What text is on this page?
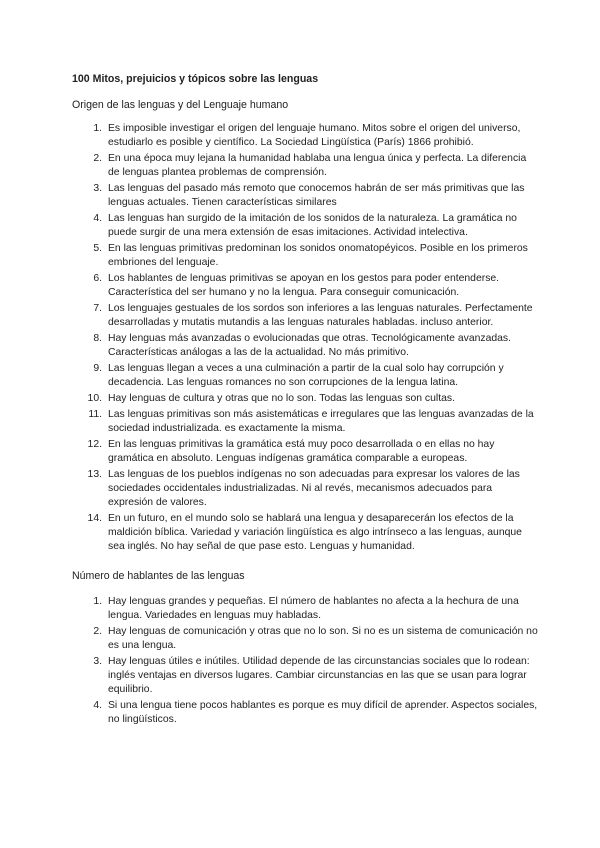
100 Mitos, prejuicios y tópicos sobre las lenguas

Origen de las lenguas y del Lenguaje humano

1. Es imposible investigar el origen del lenguaje humano. Mitos sobre el origen del universo, estudiarlo es posible y científico. La Sociedad Lingüística (París) 1866 prohibió.
2. En una época muy lejana la humanidad hablaba una lengua única y perfecta. La diferencia de lenguas plantea problemas de comprensión.
3. Las lenguas del pasado más remoto que conocemos habrán de ser más primitivas que las lenguas actuales. Tienen características similares
4. Las lenguas han surgido de la imitación de los sonidos de la naturaleza. La gramática no puede surgir de una mera extensión de esas imitaciones. Actividad intelectiva.
5. En las lenguas primitivas predominan los sonidos onomatopéyicos. Posible en los primeros embriones del lenguaje.
6. Los hablantes de lenguas primitivas se apoyan en los gestos para poder entenderse. Característica del ser humano y no la lengua. Para conseguir comunicación.
7. Los lenguajes gestuales de los sordos son inferiores a las lenguas naturales. Perfectamente desarrolladas y mutatis mutandis a las lenguas naturales habladas. incluso anterior.
8. Hay lenguas más avanzadas o evolucionadas que otras. Tecnológicamente avanzadas. Características análogas a las de la actualidad. No más primitivo.
9. Las lenguas llegan a veces a una culminación a partir de la cual solo hay corrupción y decadencia. Las lenguas romances no son corrupciones de la lengua latina.
10. Hay lenguas de cultura y otras que no lo son. Todas las lenguas son cultas.
11. Las lenguas primitivas son más asistemáticas e irregulares que las lenguas avanzadas de la sociedad industrializada. es exactamente la misma.
12. En las lenguas primitivas la gramática está muy poco desarrollada o en ellas no hay gramática en absoluto. Lenguas indígenas gramática comparable a europeas.
13. Las lenguas de los pueblos indígenas no son adecuadas para expresar los valores de las sociedades occidentales industrializadas. Ni al revés, mecanismos adecuados para expresión de valores.
14. En un futuro, en el mundo solo se hablará una lengua y desaparecerán los efectos de la maldición bíblica. Variedad y variación lingüística es algo intrínseco a las lenguas, aunque sea inglés. No hay señal de que pase esto. Lenguas y humanidad.

Número de hablantes de las lenguas

1. Hay lenguas grandes y pequeñas. El número de hablantes no afecta a la hechura de una lengua. Variedades en lenguas muy habladas.
2. Hay lenguas de comunicación y otras que no lo son. Si no es un sistema de comunicación no es una lengua.
3. Hay lenguas útiles e inútiles. Utilidad depende de las circunstancias sociales que lo rodean: inglés ventajas en diversos lugares. Cambiar circunstancias en las que se usan para lograr equilibrio.
4. Si una lengua tiene pocos hablantes es porque es muy difícil de aprender. Aspectos sociales, no lingüísticos.
